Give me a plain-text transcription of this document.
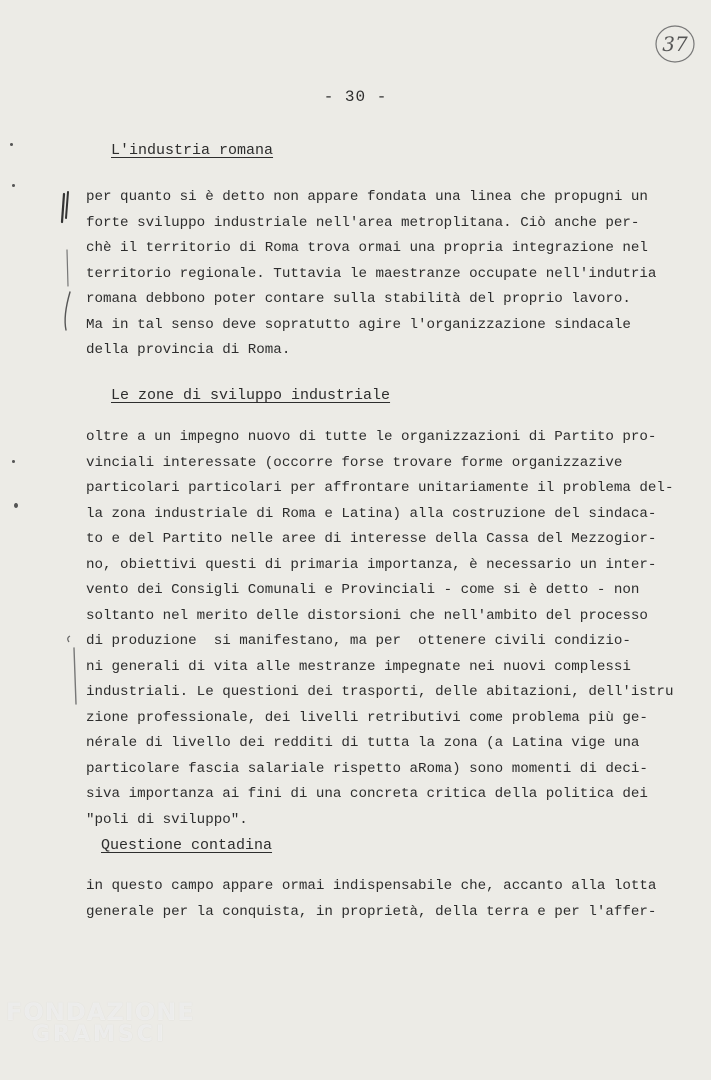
37
- 30 -
L'industria romana
per quanto si è detto non appare fondata una linea che propugni un
forte sviluppo industriale nell'area metroplitana. Ciò anche per-
chè il territorio di Roma trova ormai una propria integrazione nel
territorio regionale. Tuttavia le maestranze occupate nell'indutria
romana debbono poter contare sulla stabilità del proprio lavoro.
Ma in tal senso deve sopratutto agire l'organizzazione sindacale
della provincia di Roma.
Le zone di sviluppo industriale
oltre a un impegno nuovo di tutte le organizzazioni di Partito pro-
vinciali interessate (occorre forse trovare forme organizzazive
particolari particolari per affrontare unitariamente il problema del-
la zona industriale di Roma e Latina) alla costruzione del sindaca-
to e del Partito nelle aree di interesse della Cassa del Mezzogior-
no, obiettivi questi di primaria importanza, è necessario un inter-
vento dei Consigli Comunali e Provinciali - come si è detto - non
soltanto nel merito delle distorsioni che nell'ambito del processo
di produzione  si manifestano, ma per  ottenere civili condizio-
ni generali di vita alle mestranze impegnate nei nuovi complessi
industriali. Le questioni dei trasporti, delle abitazioni, dell'istru
zione professionale, dei livelli retributivi come problema più ge-
nérale di livello dei redditi di tutta la zona (a Latina vige una
particolare fascia salariale rispetto aRoma) sono momenti di deci-
siva importanza ai fini di una concreta critica della politica dei
"poli di sviluppo".
Questione contadina
in questo campo appare ormai indispensabile che, accanto alla lotta
generale per la conquista, in proprietà, della terra e per l'affer-
FONDAZIONE
GRAMSCI
